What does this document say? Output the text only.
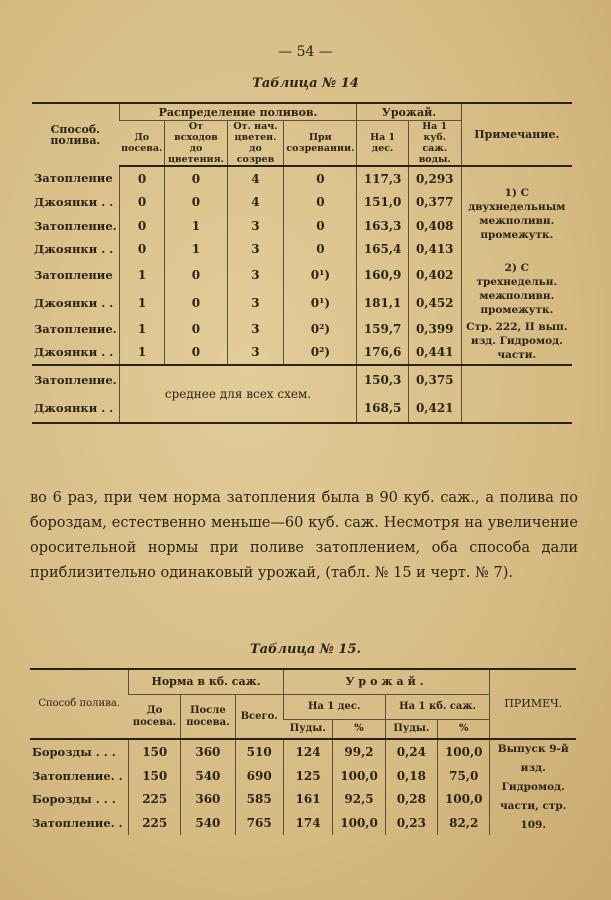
— 54 —
Таблица № 14
Способ. полива.	Распределение поливов.				Урожай.		Примечание.
	До посева.	От всходов до цветения.	От. нач. цветен. до созрев	При созревании.	На 1 дес.	На 1 куб. саж. воды.	
Затопление	0	0	4	0	117,3	0,293	1) С двухнедельным межполивн. промежутк.
Джоянки . .	0	0	4	0	151,0	0,377	
Затопление.	0	1	3	0	163,3	0,408	
Джоянки . .	0	1	3	0	165,4	0,413	
Затопление	1	0	3	0¹)	160,9	0,402	2) С трехнедельн. межполивн. промежутк.
Джоянки . .	1	0	3	0¹)	181,1	0,452	
Затопление.	1	0	3	0²)	159,7	0,399	Стр. 222, II вып. изд. Гидромод. части.
Джоянки . .	1	0	3	0²)	176,6	0,441	
Затопление.	среднее для всех схем.				150,3	0,375	
Джоянки . .					168,5	0,421	
во 6 раз, при чем норма затопления была в 90 куб. саж., а полива по бороздам, естественно меньше—60 куб. саж. Несмотря на увеличение оросительной нормы при поливе затоплением, оба способа дали приблизительно одинаковый урожай, (табл. № 15 и черт. № 7).
Таблица № 15.
Способ полива.	Норма в кб. саж.			Урожай.				ПРИМЕЧ.
	До посева.	После посева.	Всего.	На 1 дес.		На 1 кб. саж.		
				Пуды.	%	Пуды.	%	
Борозды . . .	150	360	510	124	99,2	0,24	100,0	Выпуск 9-й изд. Гидромод. части, стр. 109.
Затопление. .	150	540	690	125	100,0	0,18	75,0	
Борозды . . .	225	360	585	161	92,5	0,28	100,0	
Затопление. .	225	540	765	174	100,0	0,23	82,2	
